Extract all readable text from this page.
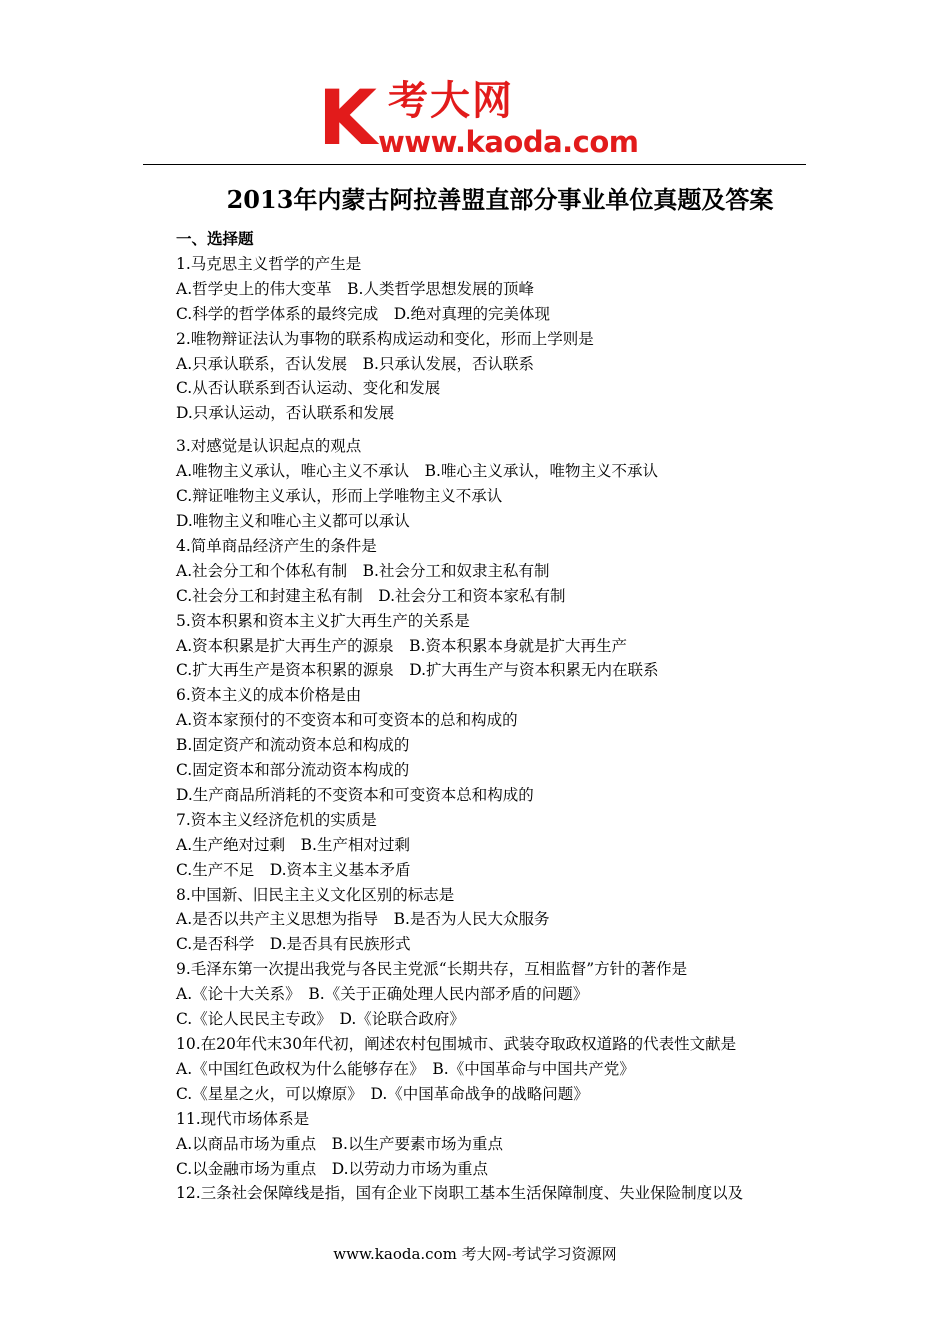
K 考大网
www.kaoda.com
2013年内蒙古阿拉善盟直部分事业单位真题及答案
一、选择题
1.马克思主义哲学的产生是
A.哲学史上的伟大变革　B.人类哲学思想发展的顶峰
C.科学的哲学体系的最终完成　D.绝对真理的完美体现
2.唯物辩证法认为事物的联系构成运动和变化，形而上学则是
A.只承认联系，否认发展　B.只承认发展，否认联系
C.从否认联系到否认运动、变化和发展
D.只承认运动，否认联系和发展
3.对感觉是认识起点的观点
A.唯物主义承认，唯心主义不承认　B.唯心主义承认，唯物主义不承认
C.辩证唯物主义承认，形而上学唯物主义不承认
D.唯物主义和唯心主义都可以承认
4.简单商品经济产生的条件是
A.社会分工和个体私有制　B.社会分工和奴隶主私有制
C.社会分工和封建主私有制　D.社会分工和资本家私有制
5.资本积累和资本主义扩大再生产的关系是
A.资本积累是扩大再生产的源泉　B.资本积累本身就是扩大再生产
C.扩大再生产是资本积累的源泉　D.扩大再生产与资本积累无内在联系
6.资本主义的成本价格是由
A.资本家预付的不变资本和可变资本的总和构成的
B.固定资产和流动资本总和构成的
C.固定资本和部分流动资本构成的
D.生产商品所消耗的不变资本和可变资本总和构成的
7.资本主义经济危机的实质是
A.生产绝对过剩　B.生产相对过剩
C.生产不足　D.资本主义基本矛盾
8.中国新、旧民主主义文化区别的标志是
A.是否以共产主义思想为指导　B.是否为人民大众服务
C.是否科学　D.是否具有民族形式
9.毛泽东第一次提出我党与各民主党派“长期共存，互相监督”方针的著作是
A.《论十大关系》　B.《关于正确处理人民内部矛盾的问题》
C.《论人民民主专政》　D.《论联合政府》
10.在20年代末30年代初，阐述农村包围城市、武装夺取政权道路的代表性文献是
A.《中国红色政权为什么能够存在》　B.《中国革命与中国共产党》
C.《星星之火，可以燎原》　D.《中国革命战争的战略问题》
11.现代市场体系是
A.以商品市场为重点　B.以生产要素市场为重点
C.以金融市场为重点　D.以劳动力市场为重点
12.三条社会保障线是指，国有企业下岗职工基本生活保障制度、失业保险制度以及
www.kaoda.com 考大网-考试学习资源网
